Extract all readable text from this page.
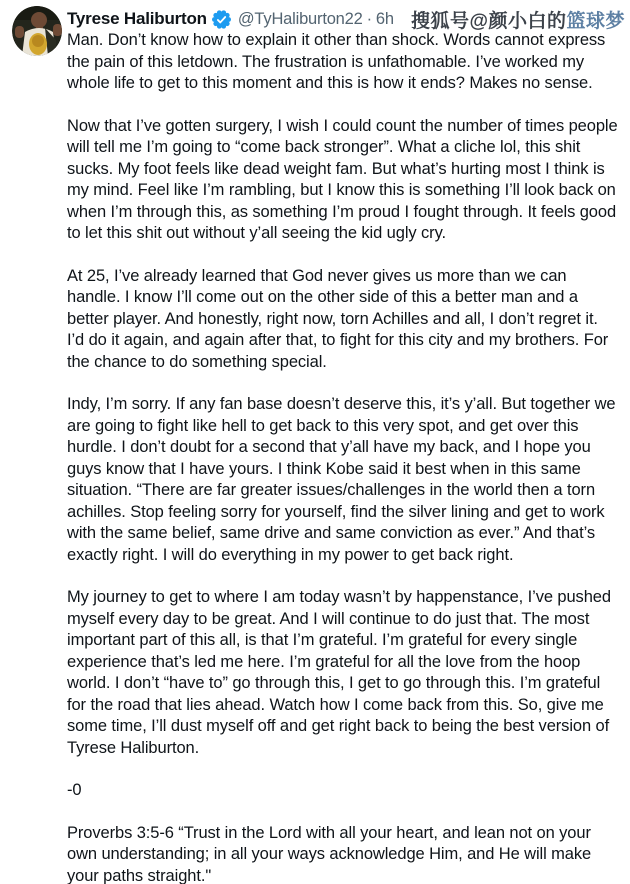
搜狐号@颜小白的篮球梦
Tyrese Haliburton @TyHaliburton22 · 6h

Man. Don’t know how to explain it other than shock. Words cannot express the pain of this letdown. The frustration is unfathomable. I’ve worked my whole life to get to this moment and this is how it ends? Makes no sense.

Now that I’ve gotten surgery, I wish I could count the number of times people will tell me I’m going to “come back stronger”. What a cliche lol, this shit sucks. My foot feels like dead weight fam. But what’s hurting most I think is my mind. Feel like I’m rambling, but I know this is something I’ll look back on when I’m through this, as something I’m proud I fought through. It feels good to let this shit out without y’all seeing the kid ugly cry.

At 25, I’ve already learned that God never gives us more than we can handle. I know I’ll come out on the other side of this a better man and a better player. And honestly, right now, torn Achilles and all, I don’t regret it. I’d do it again, and again after that, to fight for this city and my brothers. For the chance to do something special.

Indy, I’m sorry. If any fan base doesn’t deserve this, it’s y’all. But together we are going to fight like hell to get back to this very spot, and get over this hurdle. I don’t doubt for a second that y’all have my back, and I hope you guys know that I have yours. I think Kobe said it best when in this same situation. “There are far greater issues/challenges in the world then a torn achilles. Stop feeling sorry for yourself, find the silver lining and get to work with the same belief, same drive and same conviction as ever.” And that’s exactly right. I will do everything in my power to get back right.

My journey to get to where I am today wasn’t by happenstance, I’ve pushed myself every day to be great. And I will continue to do just that. The most important part of this all, is that I’m grateful. I’m grateful for every single experience that’s led me here. I’m grateful for all the love from the hoop world. I don’t “have to” go through this, I get to go through this. I’m grateful for the road that lies ahead. Watch how I come back from this. So, give me some time, I’ll dust myself off and get right back to being the best version of Tyrese Haliburton.

-0

Proverbs 3:5-6 “Trust in the Lord with all your heart, and lean not on your own understanding; in all your ways acknowledge Him, and He will make your paths straight."
